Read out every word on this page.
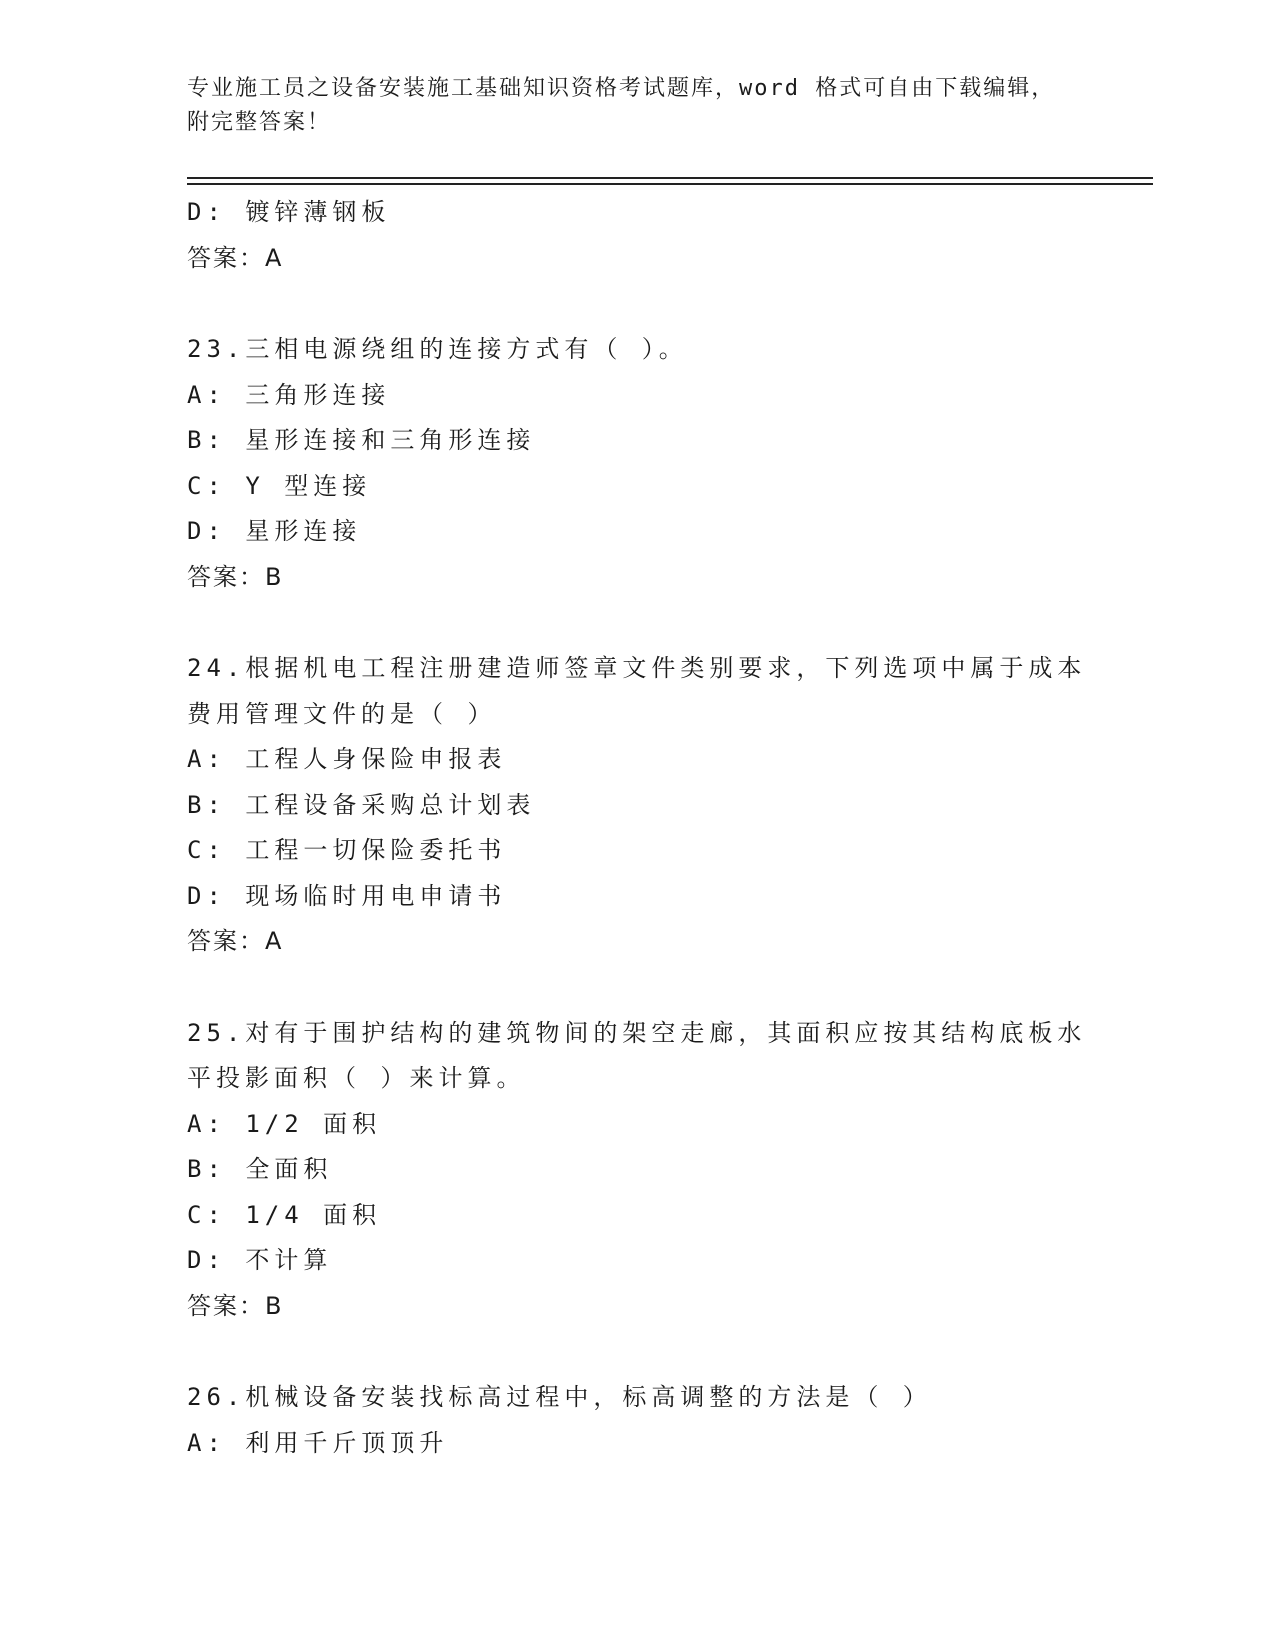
专业施工员之设备安装施工基础知识资格考试题库，word 格式可自由下载编辑，
附完整答案！
D: 镀锌薄钢板
答案：A
23.三相电源绕组的连接方式有（ ）。
A: 三角形连接
B: 星形连接和三角形连接
C: Y 型连接
D: 星形连接
答案：B
24.根据机电工程注册建造师签章文件类别要求，下列选项中属于成本
费用管理文件的是（ ）
A: 工程人身保险申报表
B: 工程设备采购总计划表
C: 工程一切保险委托书
D: 现场临时用电申请书
答案：A
25.对有于围护结构的建筑物间的架空走廊，其面积应按其结构底板水
平投影面积（ ）来计算。
A: 1/2 面积
B: 全面积
C: 1/4 面积
D: 不计算
答案：B
26.机械设备安装找标高过程中，标高调整的方法是（ ）
A: 利用千斤顶顶升
